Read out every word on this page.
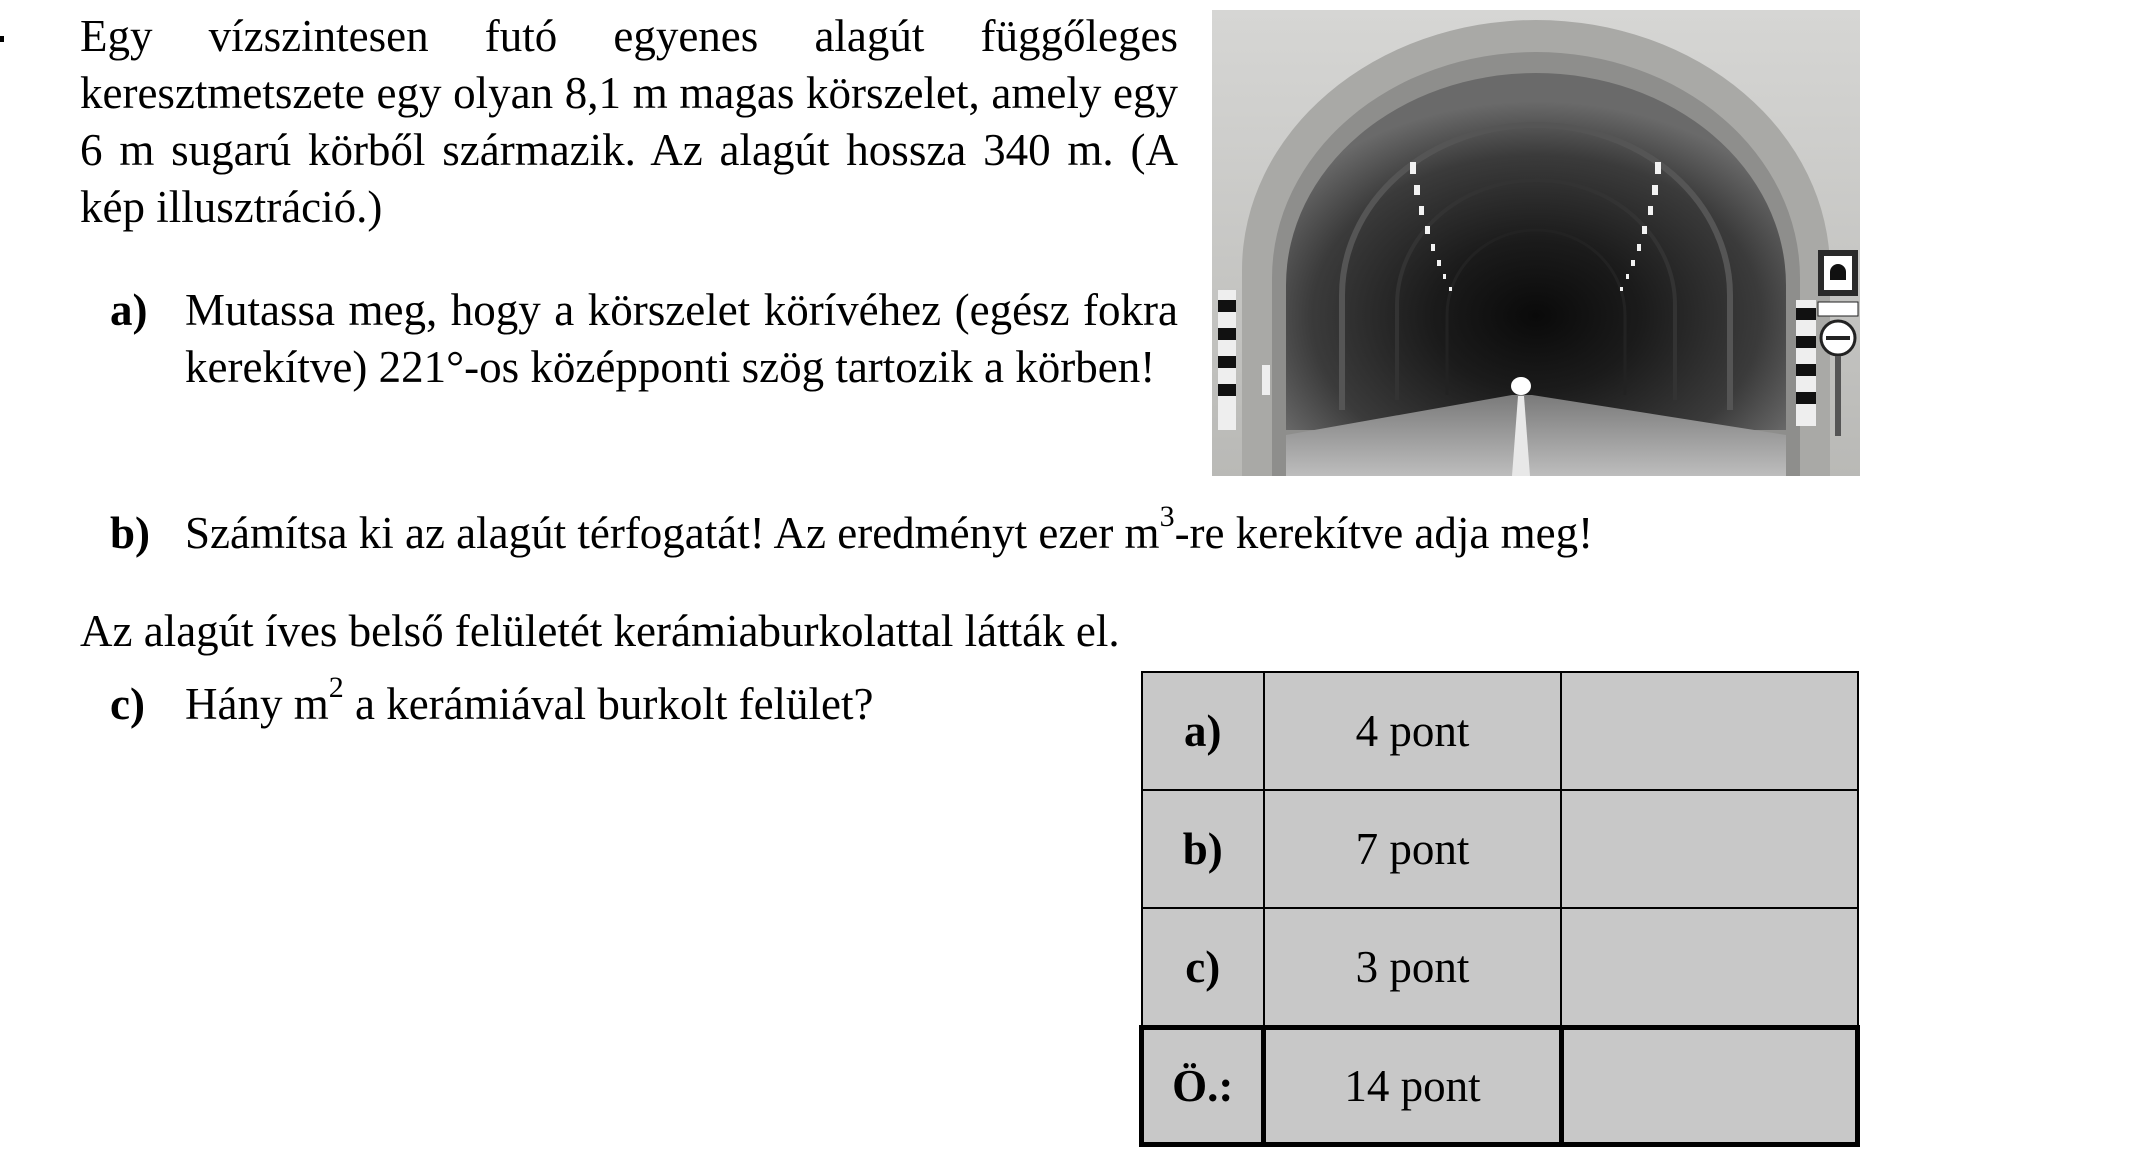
Egy vízszintesen futó egyenes alagút függőleges keresztmetszete egy olyan 8,1 m magas körszelet, amely egy 6 m sugarú körből származik. Az alagút hossza 340 m. (A kép illusztráció.)

a) Mutassa meg, hogy a körszelet körívéhez (egész fokra kerekítve) 221°-os középponti szög tartozik a körben!
b) Számítsa ki az alagút térfogatát! Az eredményt ezer $m^3-re$ kerekítve adja meg!

Az alagút íves belső felületét kerámiaburkolattal látták el.

c) Hány $m^2$ a kerámiával burkolt felület?
a)	4 pont	
b)	7 pont	
c)	3 pont	
Ö.:	14 pont	
